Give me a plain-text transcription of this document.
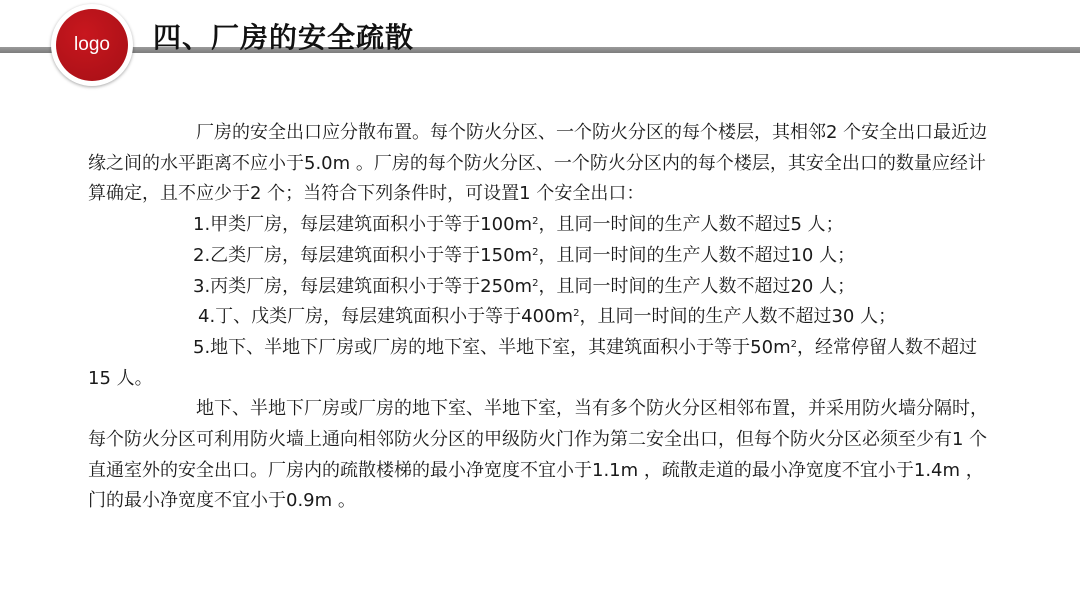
logo 四、厂房的安全疏散

厂房的安全出口应分散布置。每个防火分区、一个防火分区的每个楼层，其相邻2 个安全出口最近边缘之间的水平距离不应小于5.0m 。厂房的每个防火分区、一个防火分区内的每个楼层，其安全出口的数量应经计算确定，且不应少于2 个；当符合下列条件时，可设置1 个安全出口：

1.甲类厂房，每层建筑面积小于等于$100m^2$，且同一时间的生产人数不超过5 人；

2.乙类厂房，每层建筑面积小于等于$150m^2$，且同一时间的生产人数不超过10 人；

3.丙类厂房，每层建筑面积小于等于$250m^2$，且同一时间的生产人数不超过20 人；

4.丁、戊类厂房，每层建筑面积小于等于$400m^2$，且同一时间的生产人数不超过30 人；

5.地下、半地下厂房或厂房的地下室、半地下室，其建筑面积小于等于$50m^2$，经常停留人数不超过15 人。

地下、半地下厂房或厂房的地下室、半地下室，当有多个防火分区相邻布置，并采用防火墙分隔时，每个防火分区可利用防火墙上通向相邻防火分区的甲级防火门作为第二安全出口，但每个防火分区必须至少有1 个直通室外的安全出口。厂房内的疏散楼梯的最小净宽度不宜小于1.1m ，疏散走道的最小净宽度不宜小于1.4m ，门的最小净宽度不宜小于0.9m 。
